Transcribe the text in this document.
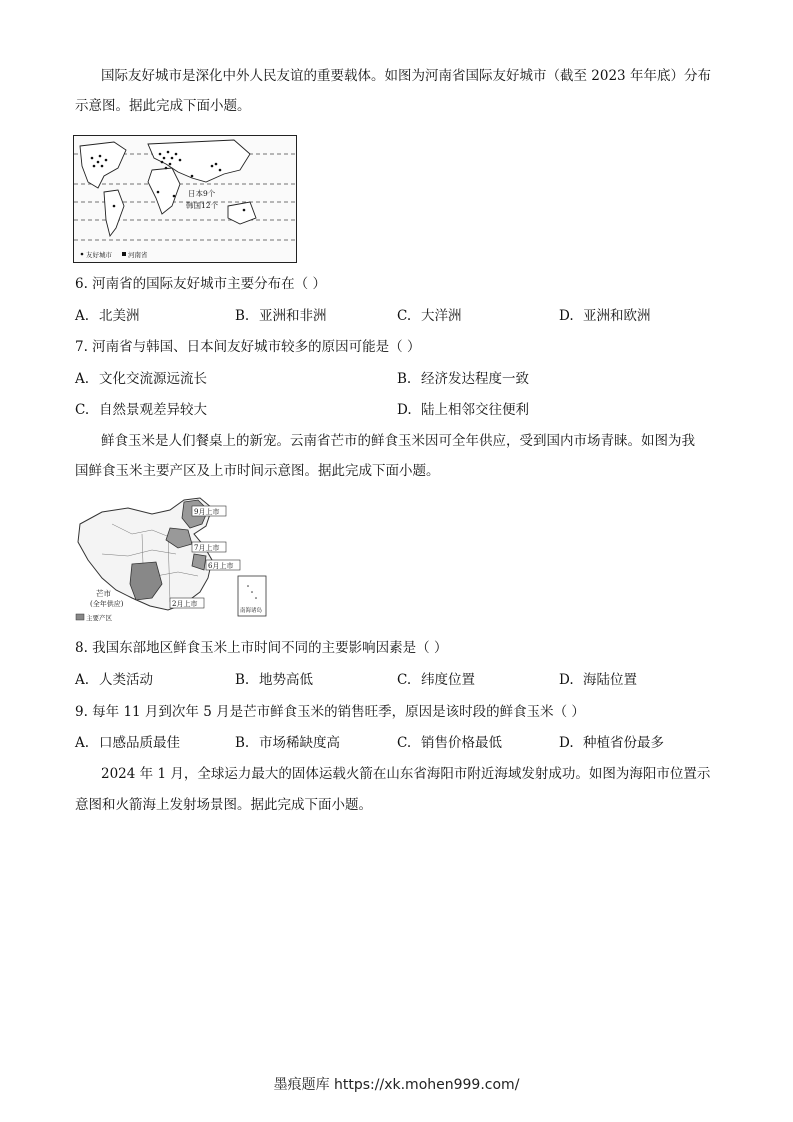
国际友好城市是深化中外人民友谊的重要载体。如图为河南省国际友好城市（截至 2023 年年底）分布
示意图。据此完成下面小题。
日本9个
韩国12个
友好城市 河南省
6. 河南省的国际友好城市主要分布在（ ）
A. 北美洲	B. 亚洲和非洲	C. 大洋洲	D. 亚洲和欧洲
7. 河南省与韩国、日本间友好城市较多的原因可能是（ ）
A. 文化交流源远流长	B. 经济发达程度一致
C. 自然景观差异较大	D. 陆上相邻交往便利
鲜食玉米是人们餐桌上的新宠。云南省芒市的鲜食玉米因可全年供应，受到国内市场青睐。如图为我
国鲜食玉米主要产区及上市时间示意图。据此完成下面小题。
9月上市
7月上市
6月上市
2月上市
芒市
(全年供应)
主要产区
南海诸岛
8. 我国东部地区鲜食玉米上市时间不同的主要影响因素是（ ）
A. 人类活动	B. 地势高低	C. 纬度位置	D. 海陆位置
9. 每年 11 月到次年 5 月是芒市鲜食玉米的销售旺季，原因是该时段的鲜食玉米（ ）
A. 口感品质最佳	B. 市场稀缺度高	C. 销售价格最低	D. 种植省份最多
2024 年 1 月，全球运力最大的固体运载火箭在山东省海阳市附近海域发射成功。如图为海阳市位置示
意图和火箭海上发射场景图。据此完成下面小题。
墨痕题库 https://xk.mohen999.com/
